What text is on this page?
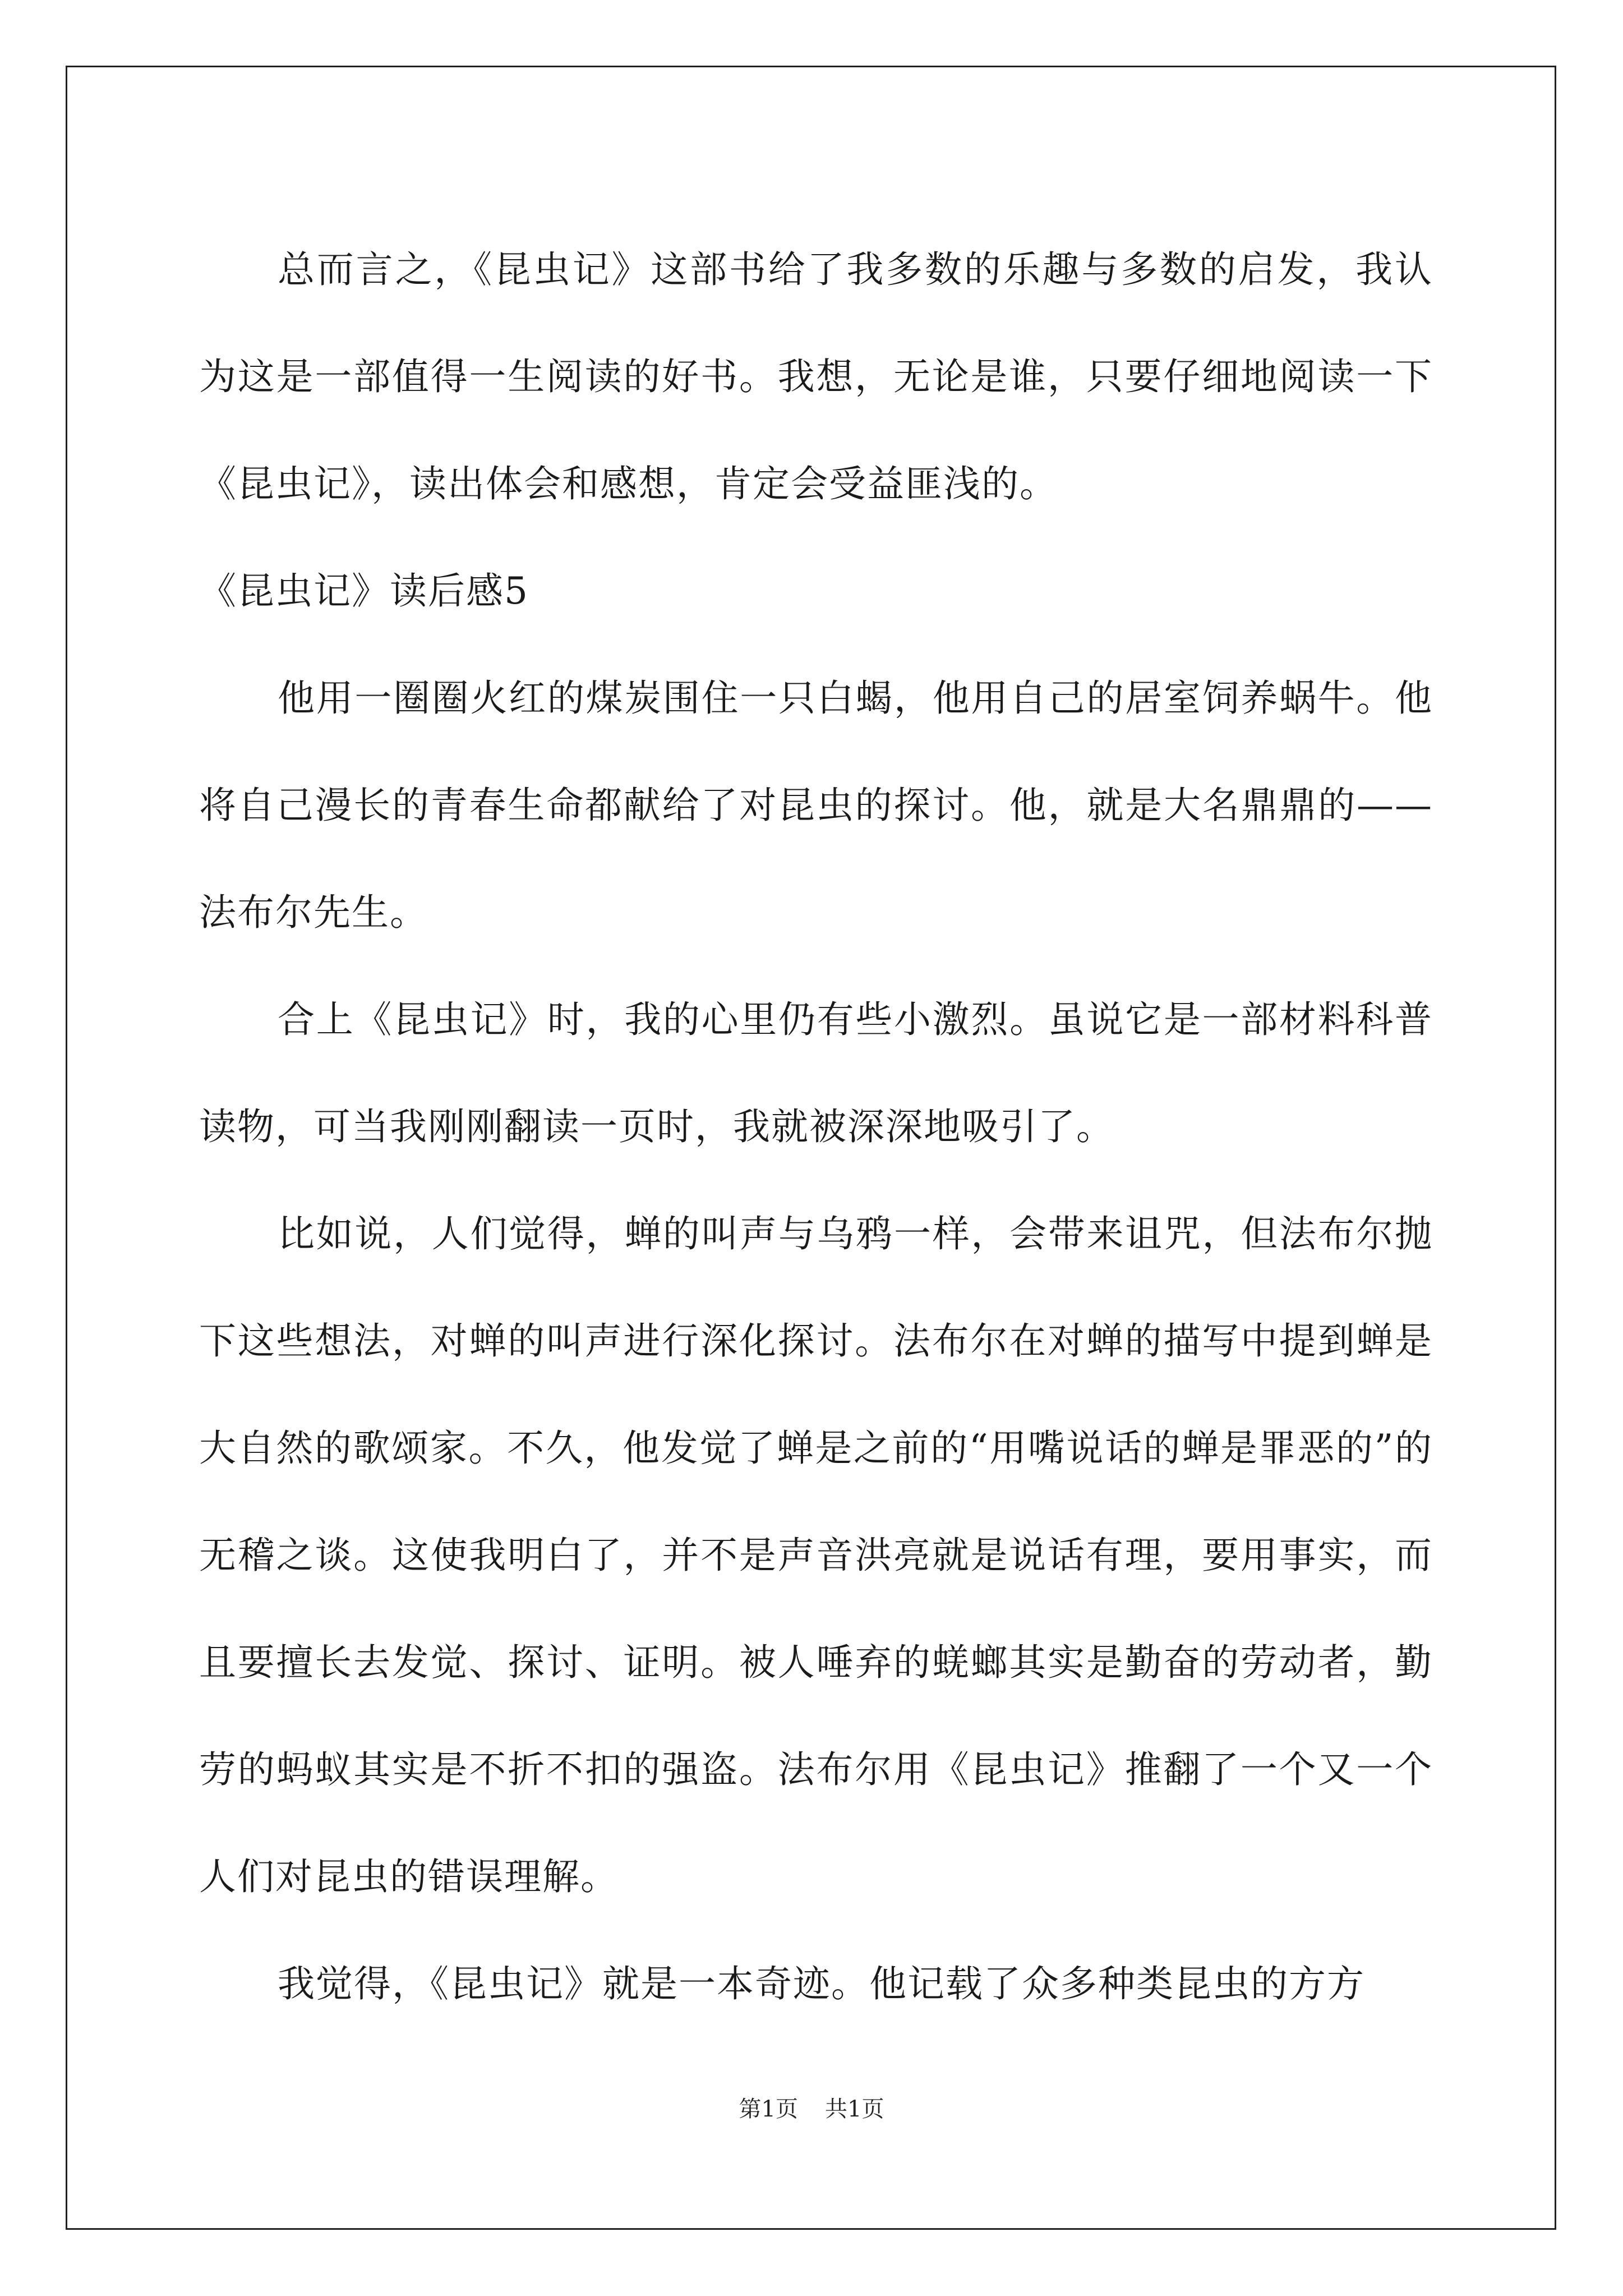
总而言之，《昆虫记》这部书给了我多数的乐趣与多数的启发，我认为这是一部值得一生阅读的好书。我想，无论是谁，只要仔细地阅读一下《昆虫记》，读出体会和感想，肯定会受益匪浅的。

《昆虫记》读后感5

他用一圈圈火红的煤炭围住一只白蝎，他用自己的居室饲养蜗牛。他将自己漫长的青春生命都献给了对昆虫的探讨。他，就是大名鼎鼎的——法布尔先生。

合上《昆虫记》时，我的心里仍有些小激烈。虽说它是一部材料科普读物，可当我刚刚翻读一页时，我就被深深地吸引了。

比如说，人们觉得，蝉的叫声与乌鸦一样，会带来诅咒，但法布尔抛下这些想法，对蝉的叫声进行深化探讨。法布尔在对蝉的描写中提到蝉是大自然的歌颂家。不久，他发觉了蝉是之前的“用嘴说话的蝉是罪恶的”的无稽之谈。这使我明白了，并不是声音洪亮就是说话有理，要用事实，而且要擅长去发觉、探讨、证明。被人唾弃的蜣螂其实是勤奋的劳动者，勤劳的蚂蚁其实是不折不扣的强盗。法布尔用《昆虫记》推翻了一个又一个人们对昆虫的错误理解。

我觉得，《昆虫记》就是一本奇迹。他记载了众多种类昆虫的方方

第1页 共1页
